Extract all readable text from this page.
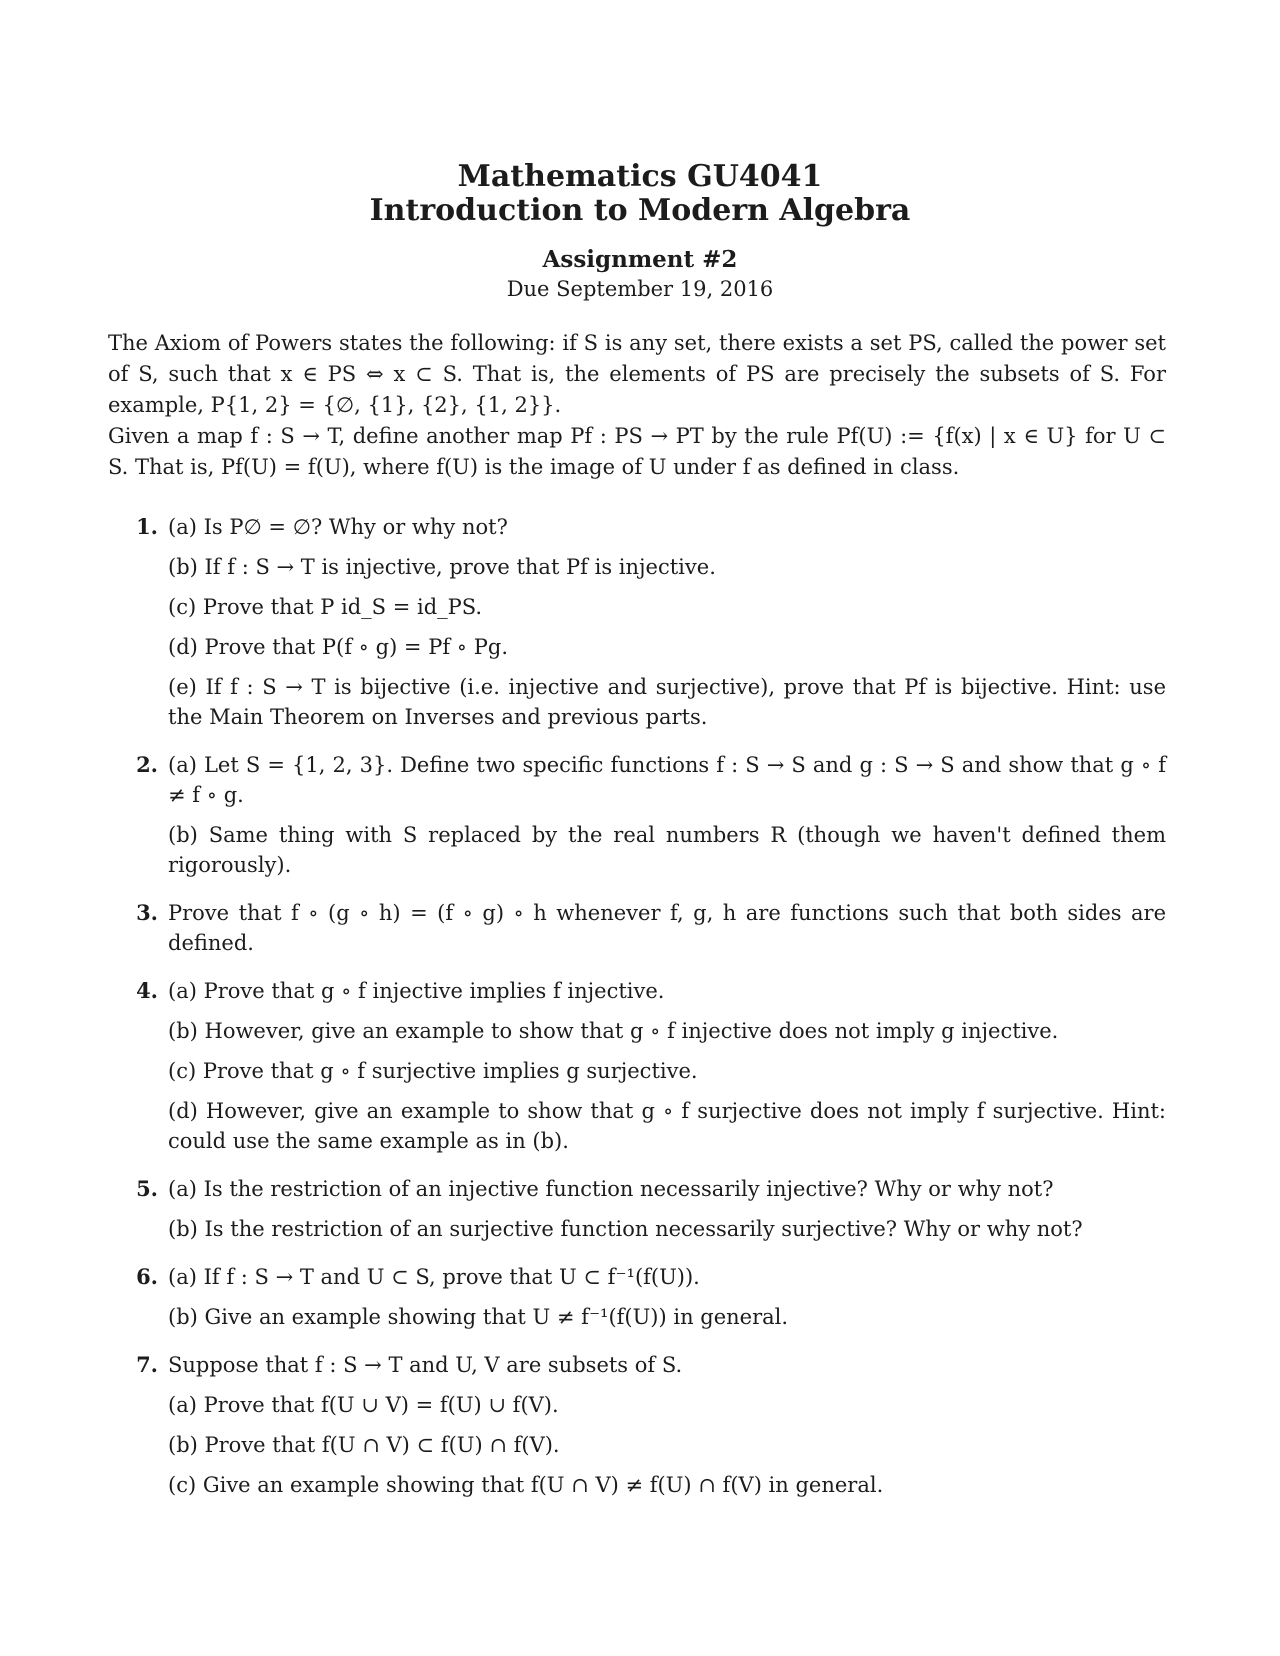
Mathematics GU4041
Introduction to Modern Algebra
Assignment #2
Due September 19, 2016

The Axiom of Powers states the following: if S is any set, there exists a set PS, called the power set of S, such that x ∈ PS ⇔ x ⊂ S. That is, the elements of PS are precisely the subsets of S. For example, P{1, 2} = {∅, {1}, {2}, {1, 2}}.

Given a map f : S → T, define another map Pf : PS → PT by the rule Pf(U) := {f(x) | x ∈ U} for U ⊂ S. That is, Pf(U) = f(U), where f(U) is the image of U under f as defined in class.

1. (a) Is P∅ = ∅? Why or why not?
(b) If f : S → T is injective, prove that Pf is injective.
(c) Prove that P id_S = id_PS.
(d) Prove that P(f ∘ g) = Pf ∘ Pg.
(e) If f : S → T is bijective (i.e. injective and surjective), prove that Pf is bijective. Hint: use the Main Theorem on Inverses and previous parts.
2. (a) Let S = {1, 2, 3}. Define two specific functions f : S → S and g : S → S and show that g ∘ f ≠ f ∘ g.
(b) Same thing with S replaced by the real numbers R (though we haven't defined them rigorously).
3. Prove that f ∘ (g ∘ h) = (f ∘ g) ∘ h whenever f, g, h are functions such that both sides are defined.
4. (a) Prove that g ∘ f injective implies f injective.
(b) However, give an example to show that g ∘ f injective does not imply g injective.
(c) Prove that g ∘ f surjective implies g surjective.
(d) However, give an example to show that g ∘ f surjective does not imply f surjective. Hint: could use the same example as in (b).
5. (a) Is the restriction of an injective function necessarily injective? Why or why not?
(b) Is the restriction of an surjective function necessarily surjective? Why or why not?
6. (a) If f : S → T and U ⊂ S, prove that U ⊂ f⁻¹(f(U)).
(b) Give an example showing that U ≠ f⁻¹(f(U)) in general.
7. Suppose that f : S → T and U, V are subsets of S.
(a) Prove that f(U ∪ V) = f(U) ∪ f(V).
(b) Prove that f(U ∩ V) ⊂ f(U) ∩ f(V).
(c) Give an example showing that f(U ∩ V) ≠ f(U) ∩ f(V) in general.
